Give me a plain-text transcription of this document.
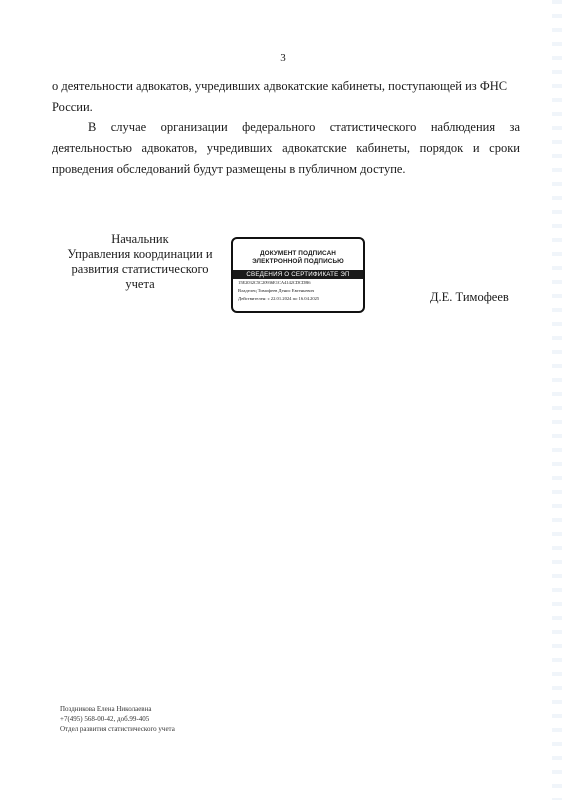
3

о деятельности адвокатов, учредивших адвокатские кабинеты, поступающей из ФНС России.

В случае организации федерального статистического наблюдения за деятельностью адвокатов, учредивших адвокатские кабинеты, порядок и сроки проведения обследований будут размещены в публичном доступе.

Начальник
Управления координации и
развития статистического
учета
ДОКУМЕНТ ПОДПИСАН
ЭЛЕКТРОННОЙ ПОДПИСЬЮ
СВЕДЕНИЯ О СЕРТИФИКАТЕ ЭП
15E2032C5C20936E1CA4142CDCDB6
Владелец Тимофеев Денис Евгеньевич
Действителен: с 22.01.2024 по 16.04.2025	Д.Е. Тимофеев
Поздникова Елена Николаевна
+7(495) 568-00-42, доб.99-405
Отдел развития статистического учета
